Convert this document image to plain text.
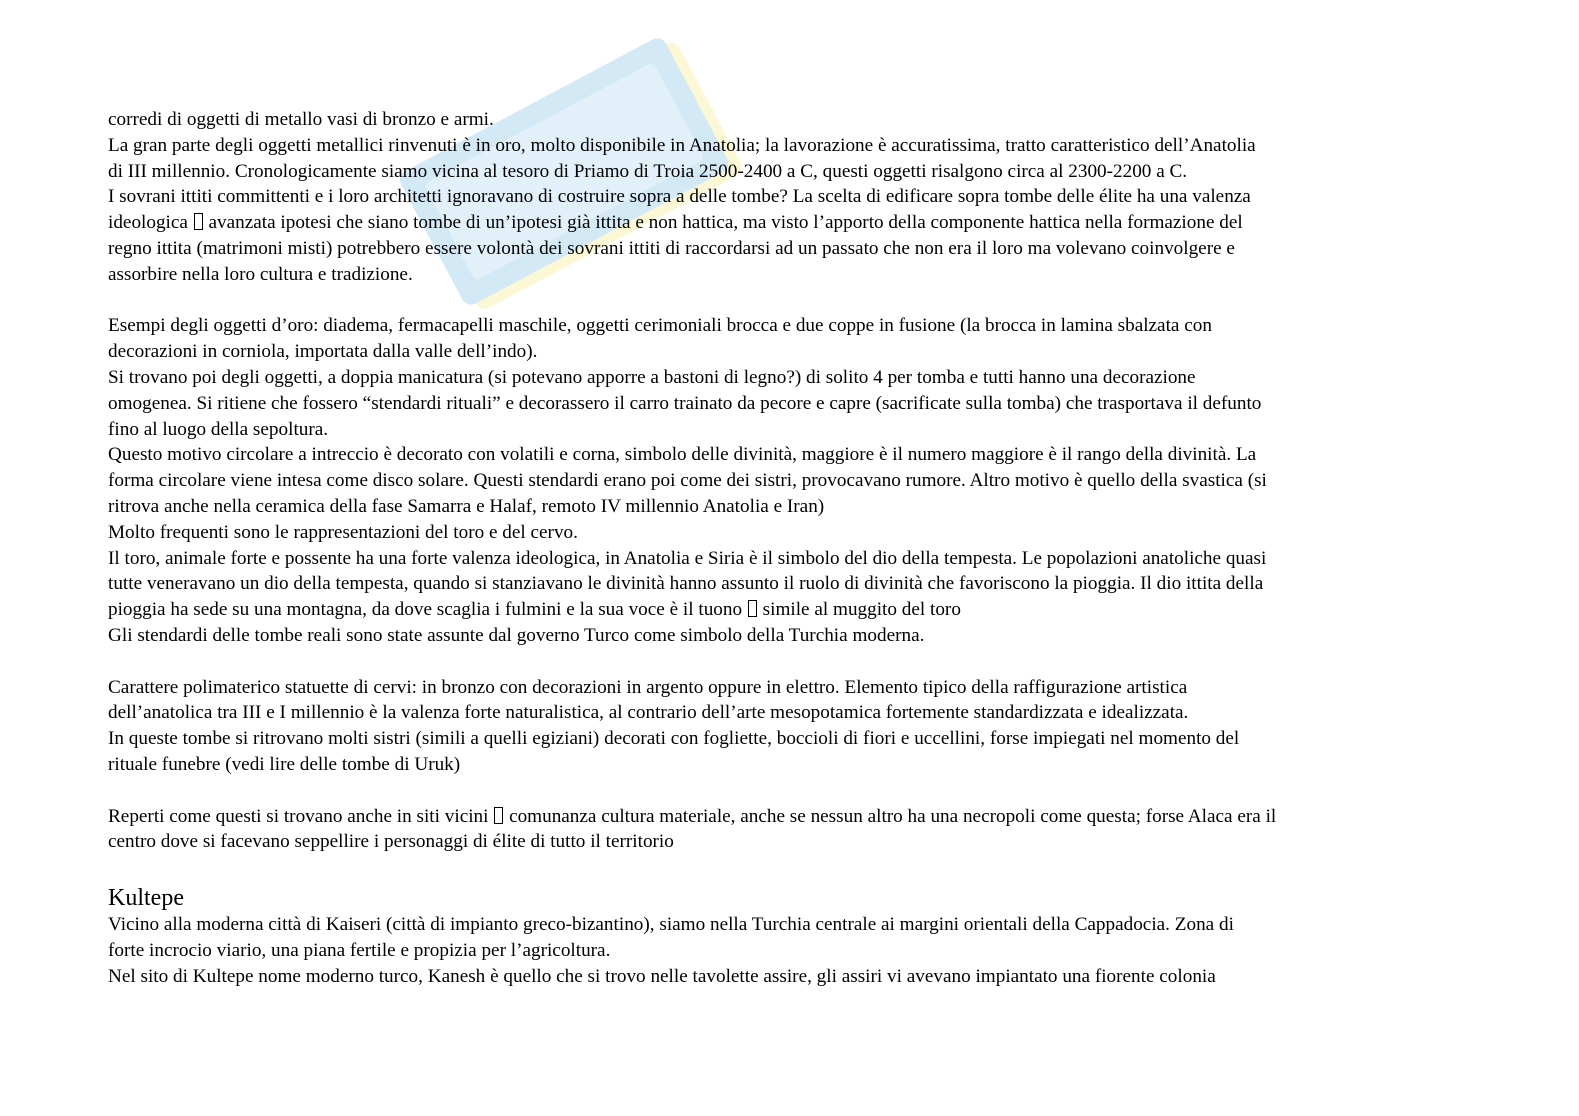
corredi di oggetti di metallo vasi di bronzo e armi.

La gran parte degli oggetti metallici rinvenuti è in oro, molto disponibile in Anatolia; la lavorazione è accuratissima, tratto caratteristico dell’Anatolia

di III millennio. Cronologicamente siamo vicina al tesoro di Priamo di Troia 2500-2400 a C, questi oggetti risalgono circa al 2300-2200 a C.

I sovrani ittiti committenti e i loro architetti ignoravano di costruire sopra a delle tombe? La scelta di edificare sopra tombe delle élite ha una valenza

ideologica  avanzata ipotesi che siano tombe di un’ipotesi già ittita e non hattica, ma visto l’apporto della componente hattica nella formazione del

regno ittita (matrimoni misti) potrebbero essere volontà dei sovrani ittiti di raccordarsi ad un passato che non era il loro ma volevano coinvolgere e

assorbire nella loro cultura e tradizione.

Esempi degli oggetti d’oro: diadema, fermacapelli maschile, oggetti cerimoniali brocca e due coppe in fusione (la brocca in lamina sbalzata con

decorazioni in corniola, importata dalla valle dell’indo).

Si trovano poi degli oggetti, a doppia manicatura (si potevano apporre a bastoni di legno?) di solito 4 per tomba e tutti hanno una decorazione

omogenea. Si ritiene che fossero “stendardi rituali” e decorassero il carro trainato da pecore e capre (sacrificate sulla tomba) che trasportava il defunto

fino al luogo della sepoltura.

Questo motivo circolare a intreccio è decorato con volatili e corna, simbolo delle divinità, maggiore è il numero maggiore è il rango della divinità. La

forma circolare viene intesa come disco solare. Questi stendardi erano poi come dei sistri, provocavano rumore. Altro motivo è quello della svastica (si

ritrova anche nella ceramica della fase Samarra e Halaf, remoto IV millennio Anatolia e Iran)

Molto frequenti sono le rappresentazioni del toro e del cervo.

Il toro, animale forte e possente ha una forte valenza ideologica, in Anatolia e Siria è il simbolo del dio della tempesta. Le popolazioni anatoliche quasi

tutte veneravano un dio della tempesta, quando si stanziavano le divinità hanno assunto il ruolo di divinità che favoriscono la pioggia. Il dio ittita della

pioggia ha sede su una montagna, da dove scaglia i fulmini e la sua voce è il tuono  simile al muggito del toro

Gli stendardi delle tombe reali sono state assunte dal governo Turco come simbolo della Turchia moderna.

Carattere polimaterico statuette di cervi: in bronzo con decorazioni in argento oppure in elettro. Elemento tipico della raffigurazione artistica

dell’anatolica tra III e I millennio è la valenza forte naturalistica, al contrario dell’arte mesopotamica fortemente standardizzata e idealizzata.

In queste tombe si ritrovano molti sistri (simili a quelli egiziani) decorati con fogliette, boccioli di fiori e uccellini, forse impiegati nel momento del

rituale funebre (vedi lire delle tombe di Uruk)

Reperti come questi si trovano anche in siti vicini  comunanza cultura materiale, anche se nessun altro ha una necropoli come questa; forse Alaca era il

centro dove si facevano seppellire i personaggi di élite di tutto il territorio

Kultepe

Vicino alla moderna città di Kaiseri (città di impianto greco-bizantino), siamo nella Turchia centrale ai margini orientali della Cappadocia. Zona di

forte incrocio viario, una piana fertile e propizia per l’agricoltura.

Nel sito di Kultepe nome moderno turco, Kanesh è quello che si trovo nelle tavolette assire, gli assiri vi avevano impiantato una fiorente colonia
